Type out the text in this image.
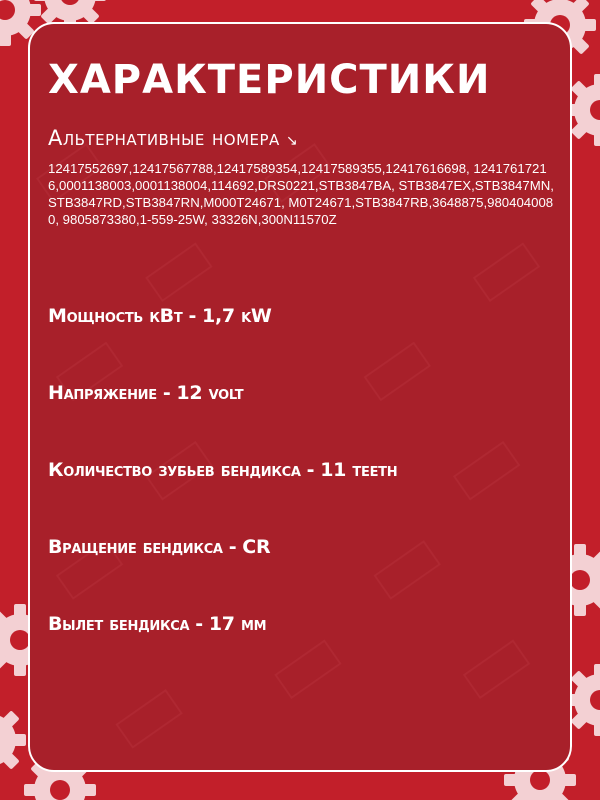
ХАРАКТЕРИСТИКИ
Альтернативные номера ↘
12417552697,12417567788,12417589354,12417589355,12417616698, 12417617216,0001138003,0001138004,114692,DRS0221,STB3847BA, STB3847EX,STB3847MN,STB3847RD,STB3847RN,M000T24671, M0T24671,STB3847RB,3648875,9804040080, 9805873380,1-559-25W, 33326N,300N11570Z
Мощность кВт - 1,7 kW
Напряжение - 12 volt
Количество зубьев бендикса - 11 teeth
Вращение бендикса - CR
Вылет бендикса - 17 мм
